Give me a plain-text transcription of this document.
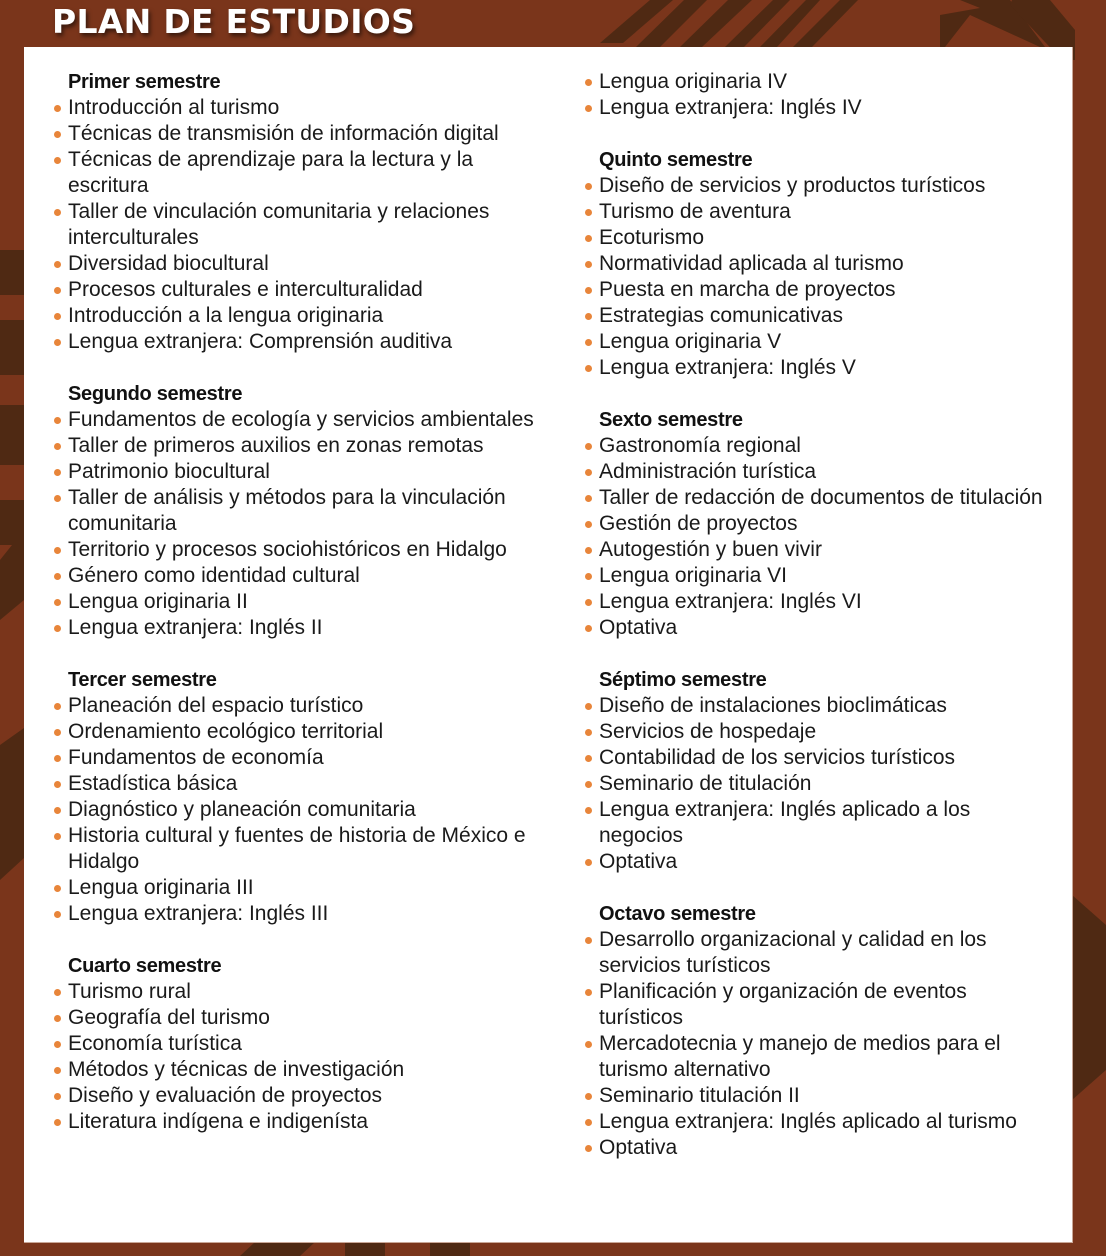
PLAN DE ESTUDIOS
Primer semestre
Introducción al turismo
Técnicas de transmisión de información digital
Técnicas de aprendizaje para la lectura y la escritura
Taller de vinculación comunitaria y relaciones interculturales
Diversidad biocultural
Procesos culturales e interculturalidad
Introducción a la lengua originaria
Lengua extranjera: Comprensión auditiva
Segundo semestre
Fundamentos de ecología y servicios ambientales
Taller de primeros auxilios en zonas remotas
Patrimonio biocultural
Taller de análisis y métodos para la vinculación comunitaria
Territorio y procesos sociohistóricos en Hidalgo
Género como identidad cultural
Lengua originaria II
Lengua extranjera: Inglés II
Tercer semestre
Planeación del espacio turístico
Ordenamiento ecológico territorial
Fundamentos de economía
Estadística básica
Diagnóstico y planeación comunitaria
Historia cultural y fuentes de historia de México e Hidalgo
Lengua originaria III
Lengua extranjera: Inglés III
Cuarto semestre
Turismo rural
Geografía del turismo
Economía turística
Métodos y técnicas de investigación
Diseño y evaluación de proyectos
Literatura indígena e indigenísta
Lengua originaria IV
Lengua extranjera: Inglés IV
Quinto semestre
Diseño de servicios y productos turísticos
Turismo de aventura
Ecoturismo
Normatividad aplicada al turismo
Puesta en marcha de proyectos
Estrategias comunicativas
Lengua originaria V
Lengua extranjera: Inglés V
Sexto semestre
Gastronomía regional
Administración turística
Taller de redacción de documentos de titulación
Gestión de proyectos
Autogestión y buen vivir
Lengua originaria VI
Lengua extranjera: Inglés VI
Optativa
Séptimo semestre
Diseño de instalaciones bioclimáticas
Servicios de hospedaje
Contabilidad de los servicios turísticos
Seminario de titulación
Lengua extranjera: Inglés aplicado a los negocios
Optativa
Octavo semestre
Desarrollo organizacional y calidad en los servicios turísticos
Planificación y organización de eventos turísticos
Mercadotecnia y manejo de medios para el turismo alternativo
Seminario titulación II
Lengua extranjera: Inglés aplicado al turismo
Optativa
